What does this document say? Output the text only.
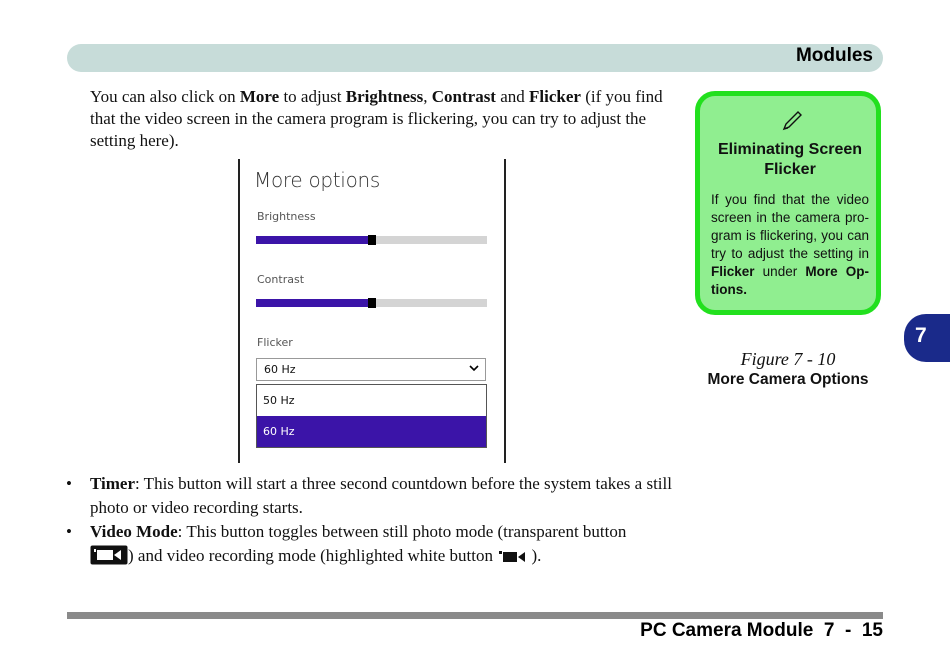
Modules
You can also click on More to adjust Brightness, Contrast and Flicker (if you find that the video screen in the camera program is flickering, you can try to adjust the setting here).
More options
Brightness
Contrast
Flicker
60 Hz
50 Hz
60 Hz
• Timer: This button will start a three second countdown before the system takes a still photo or video recording starts.
• Video Mode: This button toggles between still photo mode (transparent button
) and video recording mode (highlighted white button  ).
Eliminating Screen Flicker
If you find that the video screen in the camera pro-gram is flickering, you can try to adjust the setting in Flicker under More Op-tions.
7
Figure 7 - 10
More Camera Options
PC Camera Module  7  -  15
